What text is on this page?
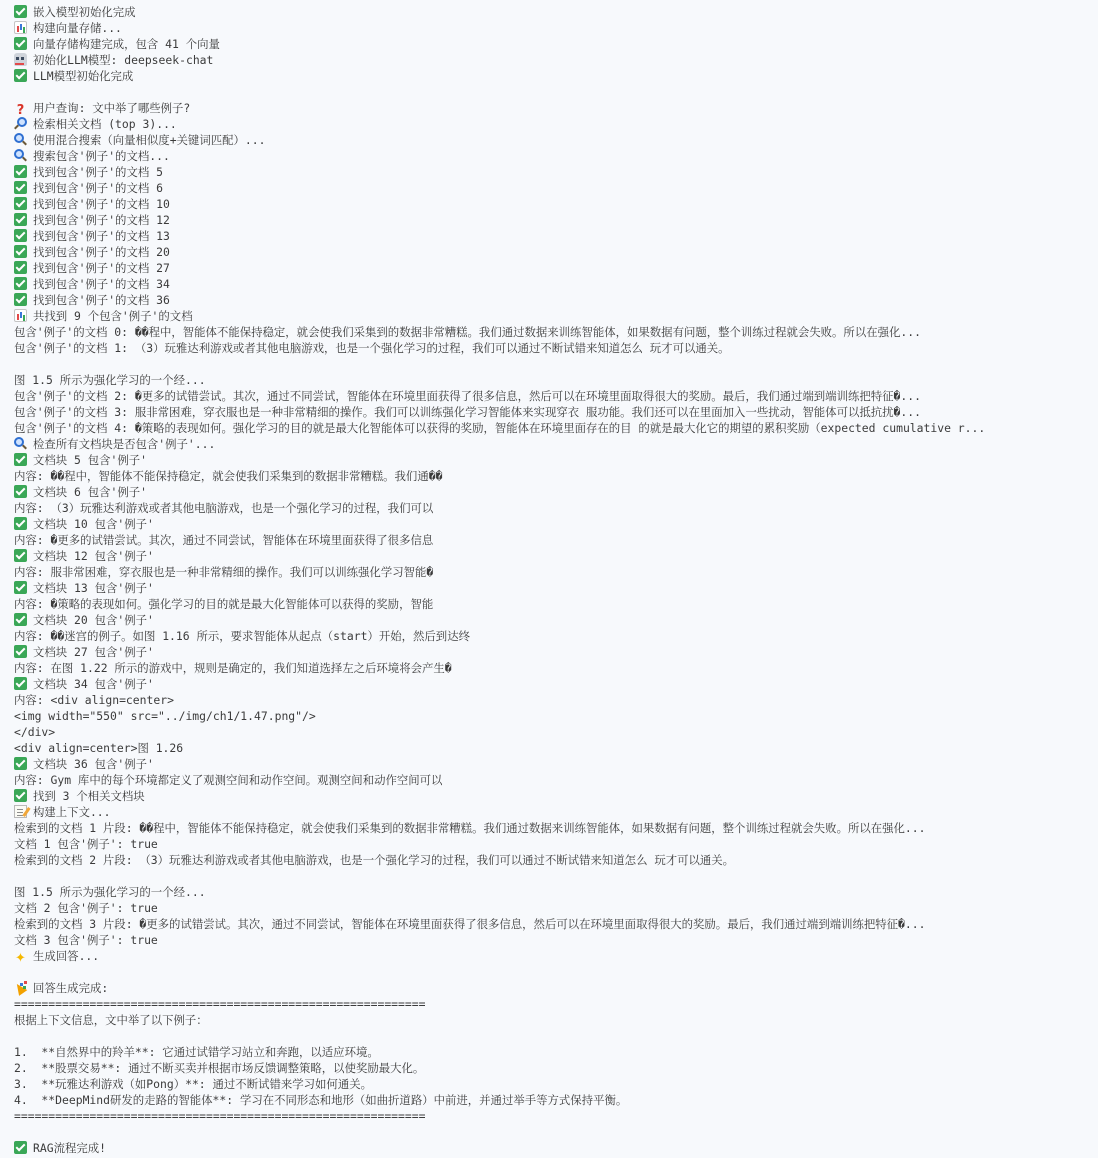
嵌入模型初始化完成
构建向量存储...
向量存储构建完成，包含 41 个向量
初始化LLM模型: deepseek-chat
LLM模型初始化完成
? 用户查询: 文中举了哪些例子?
检索相关文档 (top 3)...
使用混合搜索（向量相似度+关键词匹配）...
搜索包含'例子'的文档...
找到包含'例子'的文档 5
找到包含'例子'的文档 6
找到包含'例子'的文档 10
找到包含'例子'的文档 12
找到包含'例子'的文档 13
找到包含'例子'的文档 20
找到包含'例子'的文档 27
找到包含'例子'的文档 34
找到包含'例子'的文档 36
共找到 9 个包含'例子'的文档
包含'例子'的文档 0: ��程中，智能体不能保持稳定，就会使我们采集到的数据非常糟糕。我们通过数据来训练智能体，如果数据有问题，整个训练过程就会失败。所以在强化...
包含'例子'的文档 1: （3）玩雅达利游戏或者其他电脑游戏，也是一个强化学习的过程，我们可以通过不断试错来知道怎么 玩才可以通关。
图 1.5 所示为强化学习的一个经...
包含'例子'的文档 2: �更多的试错尝试。其次，通过不同尝试，智能体在环境里面获得了很多信息，然后可以在环境里面取得很大的奖励。最后，我们通过端到端训练把特征�...
包含'例子'的文档 3: 服非常困难，穿衣服也是一种非常精细的操作。我们可以训练强化学习智能体来实现穿衣 服功能。我们还可以在里面加入一些扰动，智能体可以抵抗扰�...
包含'例子'的文档 4: �策略的表现如何。强化学习的目的就是最大化智能体可以获得的奖励，智能体在环境里面存在的目 的就是最大化它的期望的累积奖励（expected cumulative r...
检查所有文档块是否包含'例子'...
文档块 5 包含'例子'
内容: ��程中，智能体不能保持稳定，就会使我们采集到的数据非常糟糕。我们通��
文档块 6 包含'例子'
内容: （3）玩雅达利游戏或者其他电脑游戏，也是一个强化学习的过程，我们可以
文档块 10 包含'例子'
内容: �更多的试错尝试。其次，通过不同尝试，智能体在环境里面获得了很多信息
文档块 12 包含'例子'
内容: 服非常困难，穿衣服也是一种非常精细的操作。我们可以训练强化学习智能�
文档块 13 包含'例子'
内容: �策略的表现如何。强化学习的目的就是最大化智能体可以获得的奖励，智能
文档块 20 包含'例子'
内容: ��迷宫的例子。如图 1.16 所示，要求智能体从起点（start）开始，然后到达终
文档块 27 包含'例子'
内容: 在图 1.22 所示的游戏中，规则是确定的，我们知道选择左之后环境将会产生�
文档块 34 包含'例子'
内容: <div align=center>
<img width="550" src="../img/ch1/1.47.png"/>
</div>
<div align=center>图 1.26
文档块 36 包含'例子'
内容: Gym 库中的每个环境都定义了观测空间和动作空间。观测空间和动作空间可以
找到 3 个相关文档块
构建上下文...
检索到的文档 1 片段: ��程中，智能体不能保持稳定，就会使我们采集到的数据非常糟糕。我们通过数据来训练智能体，如果数据有问题，整个训练过程就会失败。所以在强化...
文档 1 包含'例子': true
检索到的文档 2 片段: （3）玩雅达利游戏或者其他电脑游戏，也是一个强化学习的过程，我们可以通过不断试错来知道怎么 玩才可以通关。
图 1.5 所示为强化学习的一个经...
文档 2 包含'例子': true
检索到的文档 3 片段: �更多的试错尝试。其次，通过不同尝试，智能体在环境里面获得了很多信息，然后可以在环境里面取得很大的奖励。最后，我们通过端到端训练把特征�...
文档 3 包含'例子': true
✦ 生成回答...
回答生成完成:
============================================================
根据上下文信息，文中举了以下例子：
1.  **自然界中的羚羊**: 它通过试错学习站立和奔跑，以适应环境。
2.  **股票交易**: 通过不断买卖并根据市场反馈调整策略，以使奖励最大化。
3.  **玩雅达利游戏（如Pong）**: 通过不断试错来学习如何通关。
4.  **DeepMind研发的走路的智能体**: 学习在不同形态和地形（如曲折道路）中前进，并通过举手等方式保持平衡。
============================================================
RAG流程完成!
